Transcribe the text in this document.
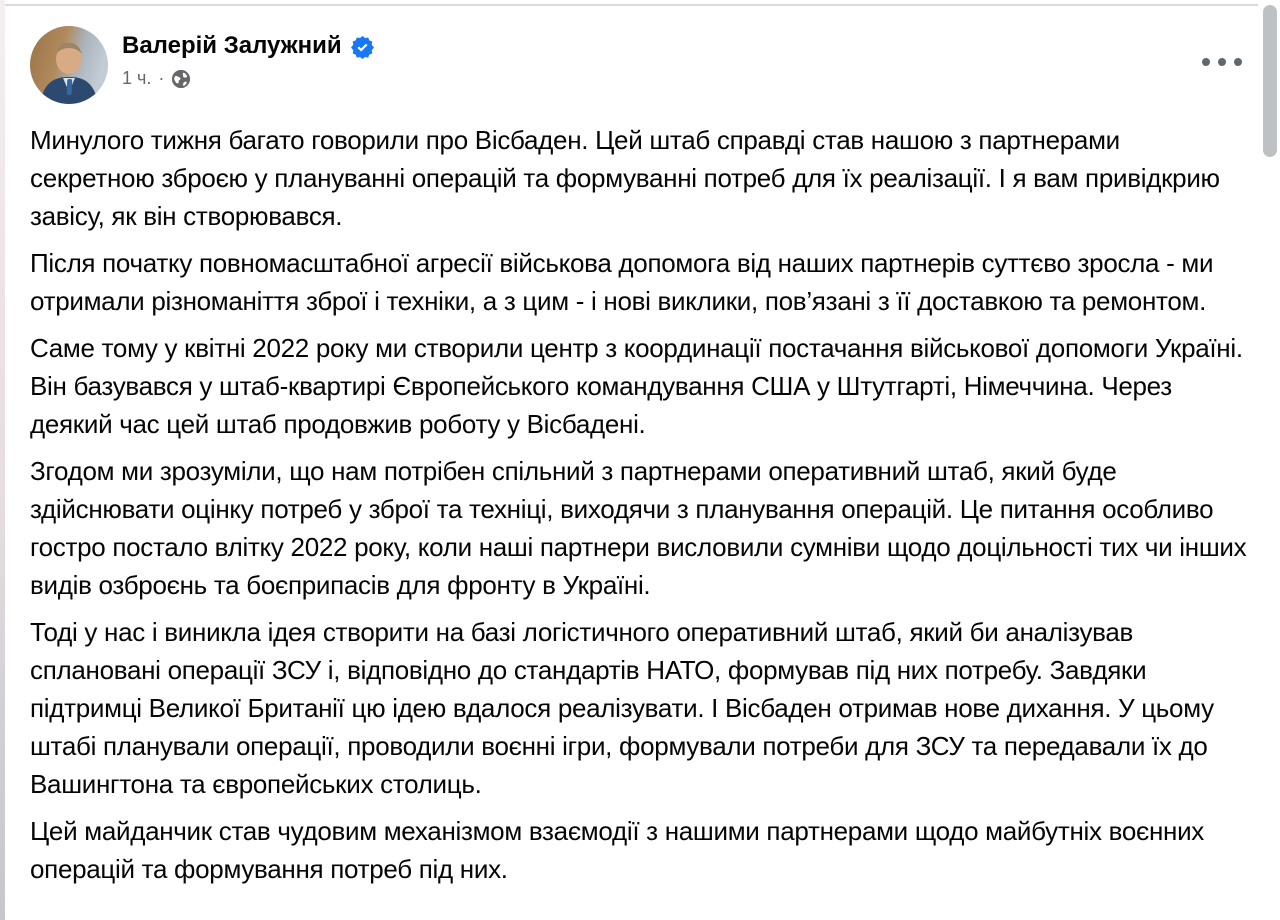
Валерій Залужний
1 ч. ·

Минулого тижня багато говорили про Вісбаден. Цей штаб справді став нашою з партнерами секретною зброєю у плануванні операцій та формуванні потреб для їх реалізації. І я вам привідкрию завісу, як він створювався.

Після початку повномасштабної агресії військова допомога від наших партнерів суттєво зросла - ми отримали різноманіття зброї і техніки, а з цим - і нові виклики, пов’язані з її доставкою та ремонтом.

Саме тому у квітні 2022 року ми створили центр з координації постачання військової допомоги Україні. Він базувався у штаб-квартирі Європейського командування США у Штутгарті, Німеччина. Через деякий час цей штаб продовжив роботу у Вісбадені.

Згодом ми зрозуміли, що нам потрібен спільний з партнерами оперативний штаб, який буде здійснювати оцінку потреб у зброї та техніці, виходячи з планування операцій. Це питання особливо гостро постало влітку 2022 року, коли наші партнери висловили сумніви щодо доцільності тих чи інших видів озброєнь та боєприпасів для фронту в Україні.

Тоді у нас і виникла ідея створити на базі логістичного оперативний штаб, який би аналізував сплановані операції ЗСУ і, відповідно до стандартів НАТО, формував під них потребу. Завдяки підтримці Великої Британії цю ідею вдалося реалізувати. І Вісбаден отримав нове дихання. У цьому штабі планували операції, проводили воєнні ігри, формували потреби для ЗСУ та передавали їх до Вашингтона та європейських столиць.

Цей майданчик став чудовим механізмом взаємодії з нашими партнерами щодо майбутніх воєнних операцій та формування потреб під них.
